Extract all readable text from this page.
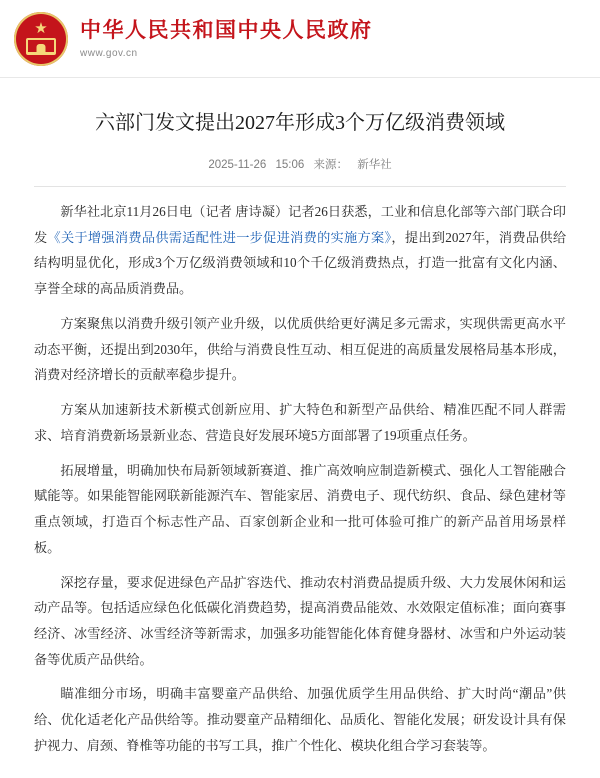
★ 中华人民共和国中央人民政府
www.gov.cn
六部门发文提出2027年形成3个万亿级消费领域
2025-11-26 15:06 来源： 新华社
新华社北京11月26日电（记者 唐诗凝）记者26日获悉，工业和信息化部等六部门联合印发《关于增强消费品供需适配性进一步促进消费的实施方案》，提出到2027年，消费品供给结构明显优化，形成3个万亿级消费领域和10个千亿级消费热点，打造一批富有文化内涵、享誉全球的高品质消费品。
方案聚焦以消费升级引领产业升级，以优质供给更好满足多元需求，实现供需更高水平动态平衡，还提出到2030年，供给与消费良性互动、相互促进的高质量发展格局基本形成，消费对经济增长的贡献率稳步提升。
方案从加速新技术新模式创新应用、扩大特色和新型产品供给、精准匹配不同人群需求、培育消费新场景新业态、营造良好发展环境5方面部署了19项重点任务。
拓展增量，明确加快布局新领域新赛道、推广高效响应制造新模式、强化人工智能融合赋能等。如果能智能网联新能源汽车、智能家居、消费电子、现代纺织、食品、绿色建材等重点领域，打造百个标志性产品、百家创新企业和一批可体验可推广的新产品首用场景样板。
深挖存量，要求促进绿色产品扩容迭代、推动农村消费品提质升级、大力发展休闲和运动产品等。包括适应绿色化低碳化消费趋势，提高消费品能效、水效限定值标准；面向赛事经济、冰雪经济、冰雪经济等新需求，加强多功能智能化体育健身器材、冰雪和户外运动装备等优质产品供给。
瞄准细分市场，明确丰富婴童产品供给、加强优质学生用品供给、扩大时尚“潮品”供给、优化适老化产品供给等。推动婴童产品精细化、品质化、智能化发展；研发设计具有保护视力、肩颈、脊椎等功能的书写工具，推广个性化、模块化组合学习套装等。
